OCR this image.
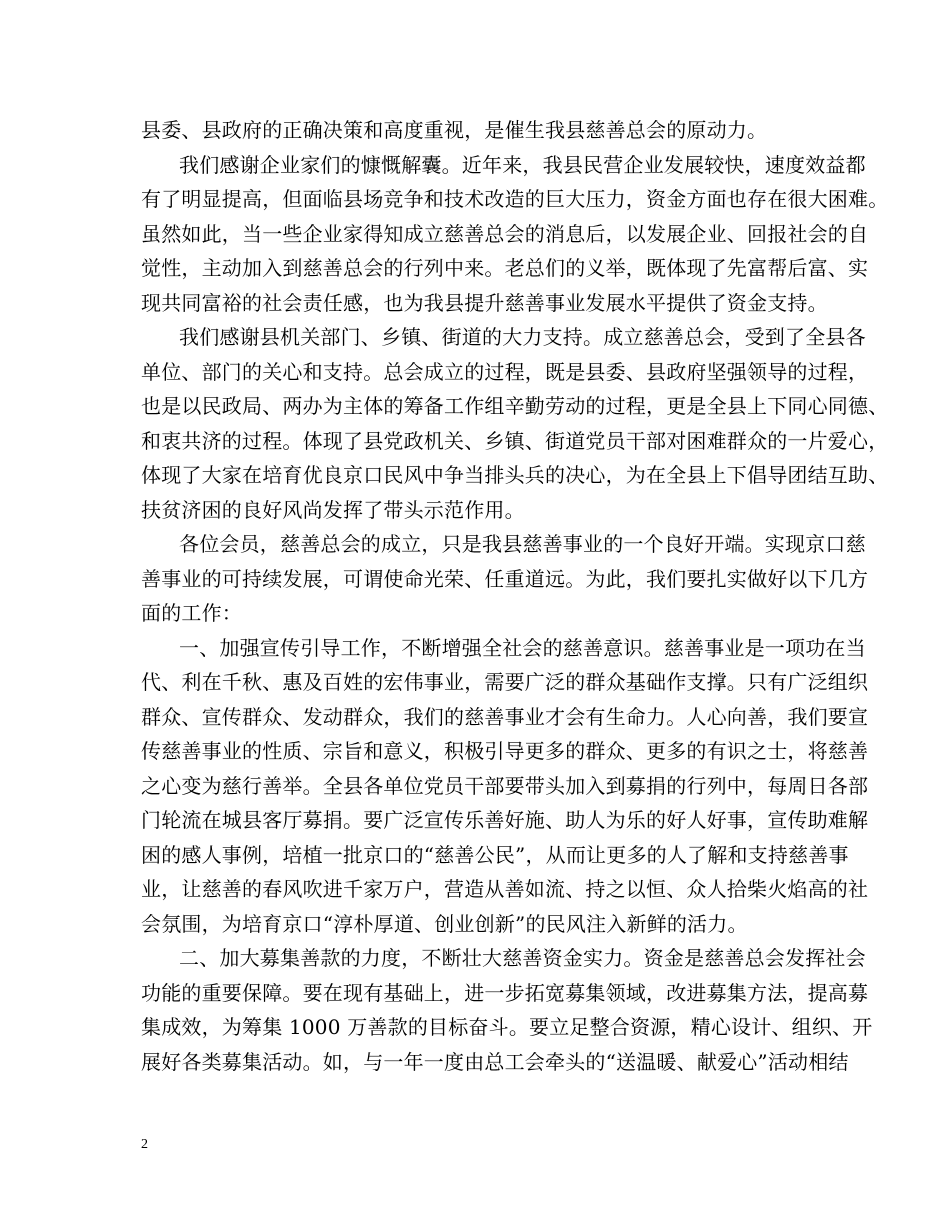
县委、县政府的正确决策和高度重视，是催生我县慈善总会的原动力。
我们感谢企业家们的慷慨解囊。近年来，我县民营企业发展较快，速度效益都
有了明显提高，但面临县场竞争和技术改造的巨大压力，资金方面也存在很大困难。
虽然如此，当一些企业家得知成立慈善总会的消息后，以发展企业、回报社会的自
觉性，主动加入到慈善总会的行列中来。老总们的义举，既体现了先富帮后富、实
现共同富裕的社会责任感，也为我县提升慈善事业发展水平提供了资金支持。
我们感谢县机关部门、乡镇、街道的大力支持。成立慈善总会，受到了全县各
单位、部门的关心和支持。总会成立的过程，既是县委、县政府坚强领导的过程，
也是以民政局、两办为主体的筹备工作组辛勤劳动的过程，更是全县上下同心同德、
和衷共济的过程。体现了县党政机关、乡镇、街道党员干部对困难群众的一片爱心，
体现了大家在培育优良京口民风中争当排头兵的决心，为在全县上下倡导团结互助、
扶贫济困的良好风尚发挥了带头示范作用。
各位会员，慈善总会的成立，只是我县慈善事业的一个良好开端。实现京口慈
善事业的可持续发展，可谓使命光荣、任重道远。为此，我们要扎实做好以下几方
面的工作：
一、加强宣传引导工作，不断增强全社会的慈善意识。慈善事业是一项功在当
代、利在千秋、惠及百姓的宏伟事业，需要广泛的群众基础作支撑。只有广泛组织
群众、宣传群众、发动群众，我们的慈善事业才会有生命力。人心向善，我们要宣
传慈善事业的性质、宗旨和意义，积极引导更多的群众、更多的有识之士，将慈善
之心变为慈行善举。全县各单位党员干部要带头加入到募捐的行列中，每周日各部
门轮流在城县客厅募捐。要广泛宣传乐善好施、助人为乐的好人好事，宣传助难解
困的感人事例，培植一批京口的“慈善公民”，从而让更多的人了解和支持慈善事
业，让慈善的春风吹进千家万户，营造从善如流、持之以恒、众人拾柴火焰高的社
会氛围，为培育京口“淳朴厚道、创业创新”的民风注入新鲜的活力。
二、加大募集善款的力度，不断壮大慈善资金实力。资金是慈善总会发挥社会
功能的重要保障。要在现有基础上，进一步拓宽募集领域，改进募集方法，提高募
集成效，为筹集 1000 万善款的目标奋斗。要立足整合资源，精心设计、组织、开
展好各类募集活动。如，与一年一度由总工会牵头的“送温暖、献爱心”活动相结
2
